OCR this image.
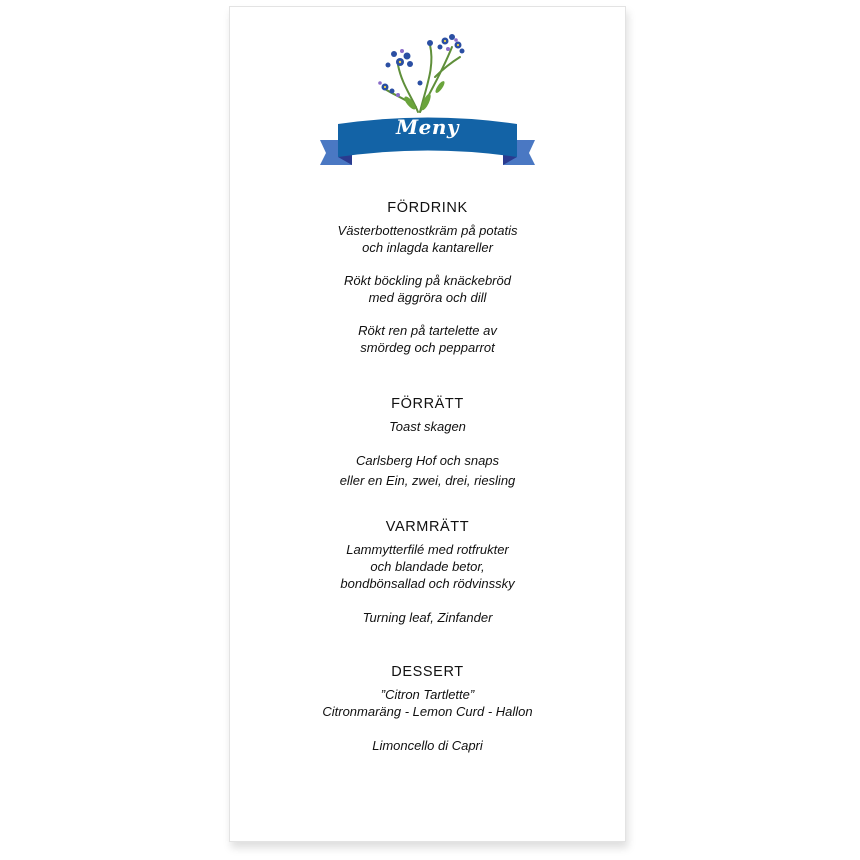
Meny

FÖRDRINK

Västerbottenostkräm på potatis

och inlagda kantareller

Rökt böckling på knäckebröd

med äggröra och dill

Rökt ren på tartelette av

smördeg och pepparrot

FÖRRÄTT

Toast skagen

Carlsberg Hof och snaps

eller en Ein, zwei, drei, riesling

VARMRÄTT

Lammytterfilé med rotfrukter

och blandade betor,

bondbönsallad och rödvinssky

Turning leaf, Zinfander

DESSERT

”Citron Tartlette”

Citronmaräng - Lemon Curd - Hallon

Limoncello di Capri
